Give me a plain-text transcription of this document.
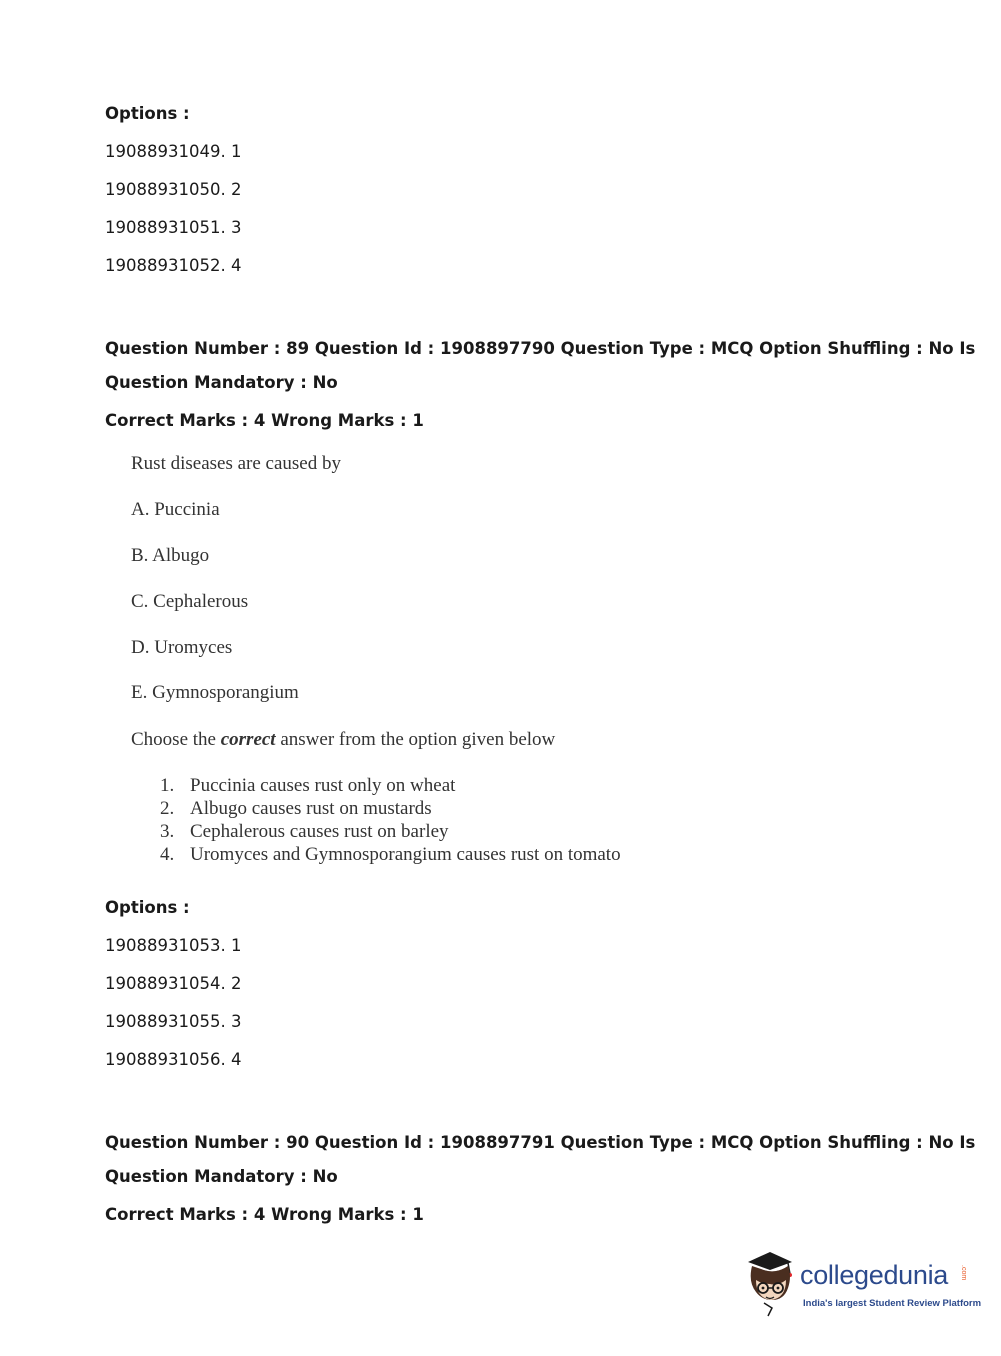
Options :
19088931049. 1
19088931050. 2
19088931051. 3
19088931052. 4
Question Number : 89 Question Id : 1908897790 Question Type : MCQ Option Shuffling : No Is
Question Mandatory : No
Correct Marks : 4 Wrong Marks : 1
Rust diseases are caused by
A. Puccinia
B. Albugo
C. Cephalerous
D. Uromyces
E. Gymnosporangium
Choose the correct answer from the option given below
1. Puccinia causes rust only on wheat
2. Albugo causes rust on mustards
3. Cephalerous causes rust on barley
4. Uromyces and Gymnosporangium causes rust on tomato
Options :
19088931053. 1
19088931054. 2
19088931055. 3
19088931056. 4
Question Number : 90 Question Id : 1908897791 Question Type : MCQ Option Shuffling : No Is
Question Mandatory : No
Correct Marks : 4 Wrong Marks : 1
collegedunia .com
India's largest Student Review Platform
